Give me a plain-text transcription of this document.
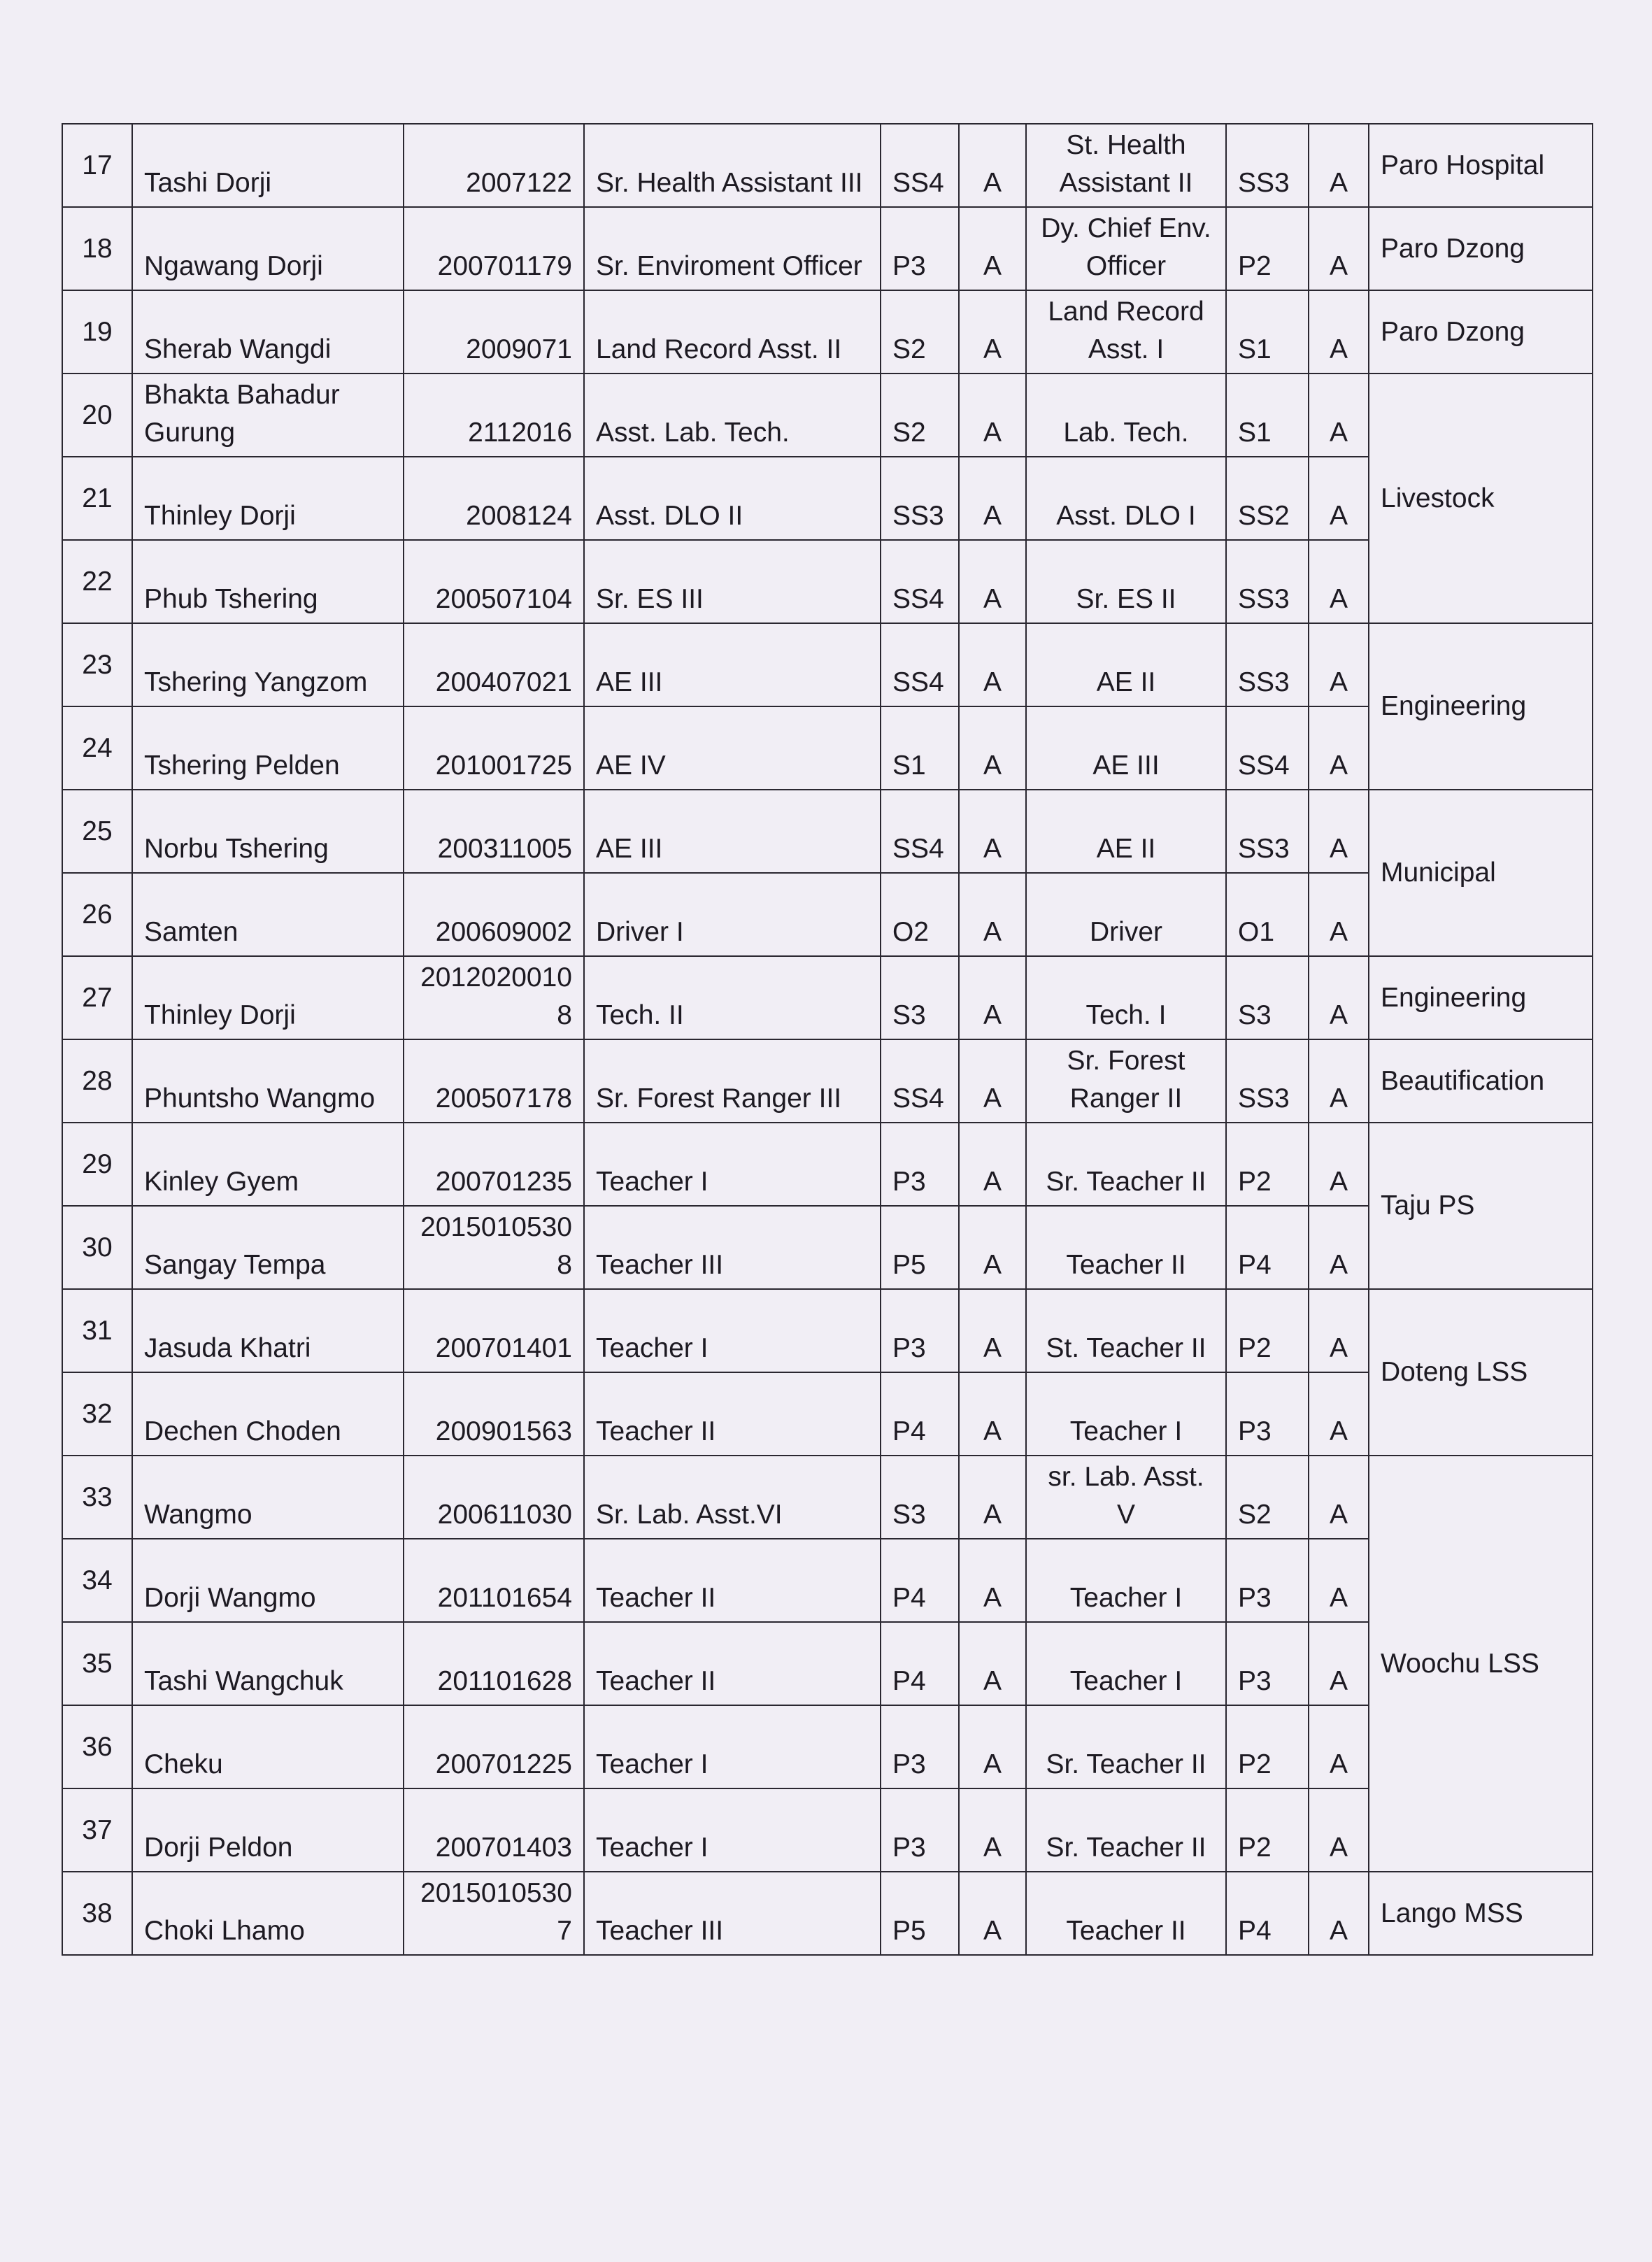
17	Tashi Dorji	2007122	Sr. Health Assistant III	SS4	A	St. Health Assistant II	SS3	A	Paro Hospital
18	Ngawang Dorji	200701179	Sr. Enviroment Officer	P3	A	Dy. Chief Env. Officer	P2	A	Paro Dzong
19	Sherab Wangdi	2009071	Land Record Asst. II	S2	A	Land Record Asst. I	S1	A	Paro Dzong
20	Bhakta Bahadur Gurung	2112016	Asst. Lab. Tech.	S2	A	Lab. Tech.	S1	A	Livestock
21	Thinley Dorji	2008124	Asst. DLO II	SS3	A	Asst. DLO I	SS2	A	
22	Phub Tshering	200507104	Sr. ES III	SS4	A	Sr. ES II	SS3	A	
23	Tshering Yangzom	200407021	AE III	SS4	A	AE II	SS3	A	Engineering
24	Tshering Pelden	201001725	AE IV	S1	A	AE III	SS4	A	
25	Norbu Tshering	200311005	AE III	SS4	A	AE II	SS3	A	Municipal
26	Samten	200609002	Driver I	O2	A	Driver	O1	A	
27	Thinley Dorji	20120200108	Tech. II	S3	A	Tech. I	S3	A	Engineering
28	Phuntsho Wangmo	200507178	Sr. Forest Ranger III	SS4	A	Sr. Forest Ranger II	SS3	A	Beautification
29	Kinley Gyem	200701235	Teacher I	P3	A	Sr. Teacher II	P2	A	Taju PS
30	Sangay Tempa	20150105308	Teacher III	P5	A	Teacher II	P4	A	
31	Jasuda Khatri	200701401	Teacher I	P3	A	St. Teacher II	P2	A	Doteng LSS
32	Dechen Choden	200901563	Teacher II	P4	A	Teacher I	P3	A	
33	Wangmo	200611030	Sr. Lab. Asst.VI	S3	A	sr. Lab. Asst. V	S2	A	Woochu LSS
34	Dorji Wangmo	201101654	Teacher II	P4	A	Teacher I	P3	A	
35	Tashi Wangchuk	201101628	Teacher II	P4	A	Teacher I	P3	A	
36	Cheku	200701225	Teacher I	P3	A	Sr. Teacher II	P2	A	
37	Dorji Peldon	200701403	Teacher I	P3	A	Sr. Teacher II	P2	A	
38	Choki Lhamo	20150105307	Teacher III	P5	A	Teacher II	P4	A	Lango MSS
